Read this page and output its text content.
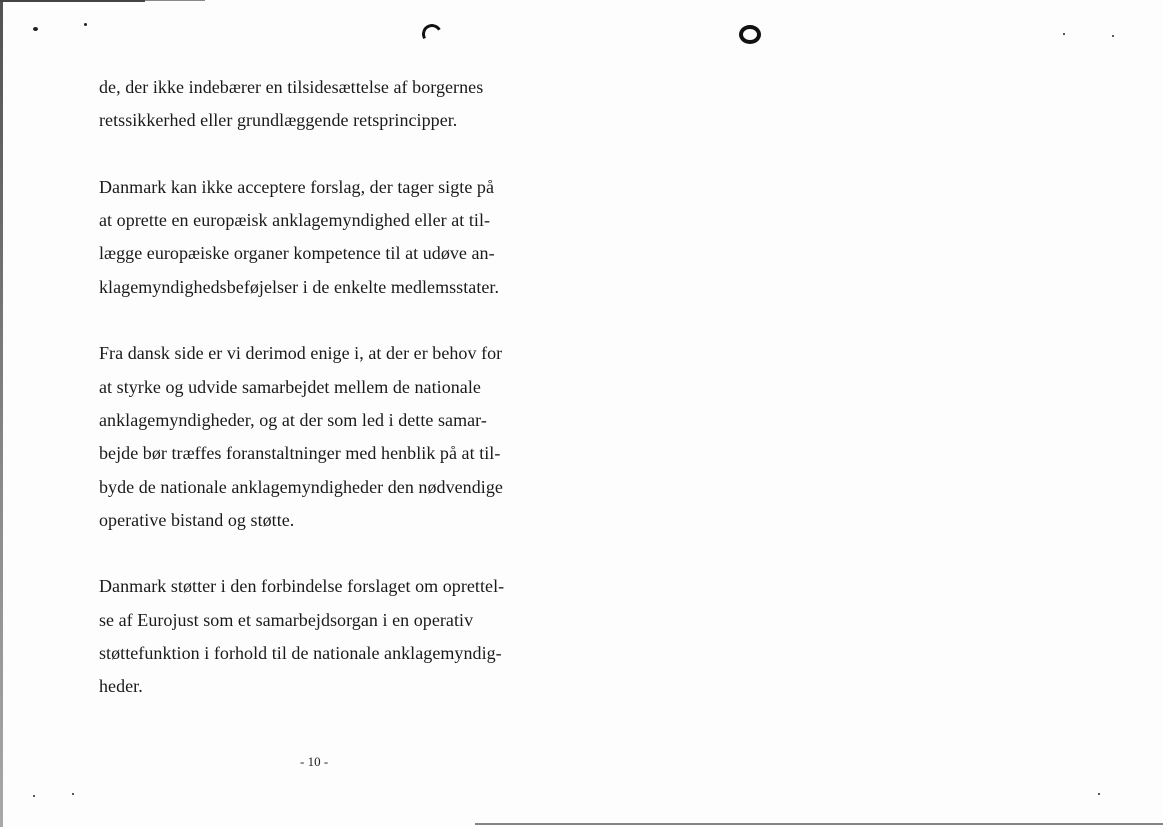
de, der ikke indebærer en tilsidesættelse af borgernes
retssikkerhed eller grundlæggende retsprincipper.
Danmark kan ikke acceptere forslag, der tager sigte på
at oprette en europæisk anklagemyndighed eller at til-
lægge europæiske organer kompetence til at udøve an-
klagemyndighedsbeføjelser i de enkelte medlemsstater.
Fra dansk side er vi derimod enige i, at der er behov for
at styrke og udvide samarbejdet mellem de nationale
anklagemyndigheder, og at der som led i dette samar-
bejde bør træffes foranstaltninger med henblik på at til-
byde de nationale anklagemyndigheder den nødvendige
operative bistand og støtte.
Danmark støtter i den forbindelse forslaget om oprettel-
se af Eurojust som et samarbejdsorgan i en operativ
støttefunktion i forhold til de nationale anklagemyndig-
heder.
- 10 -
